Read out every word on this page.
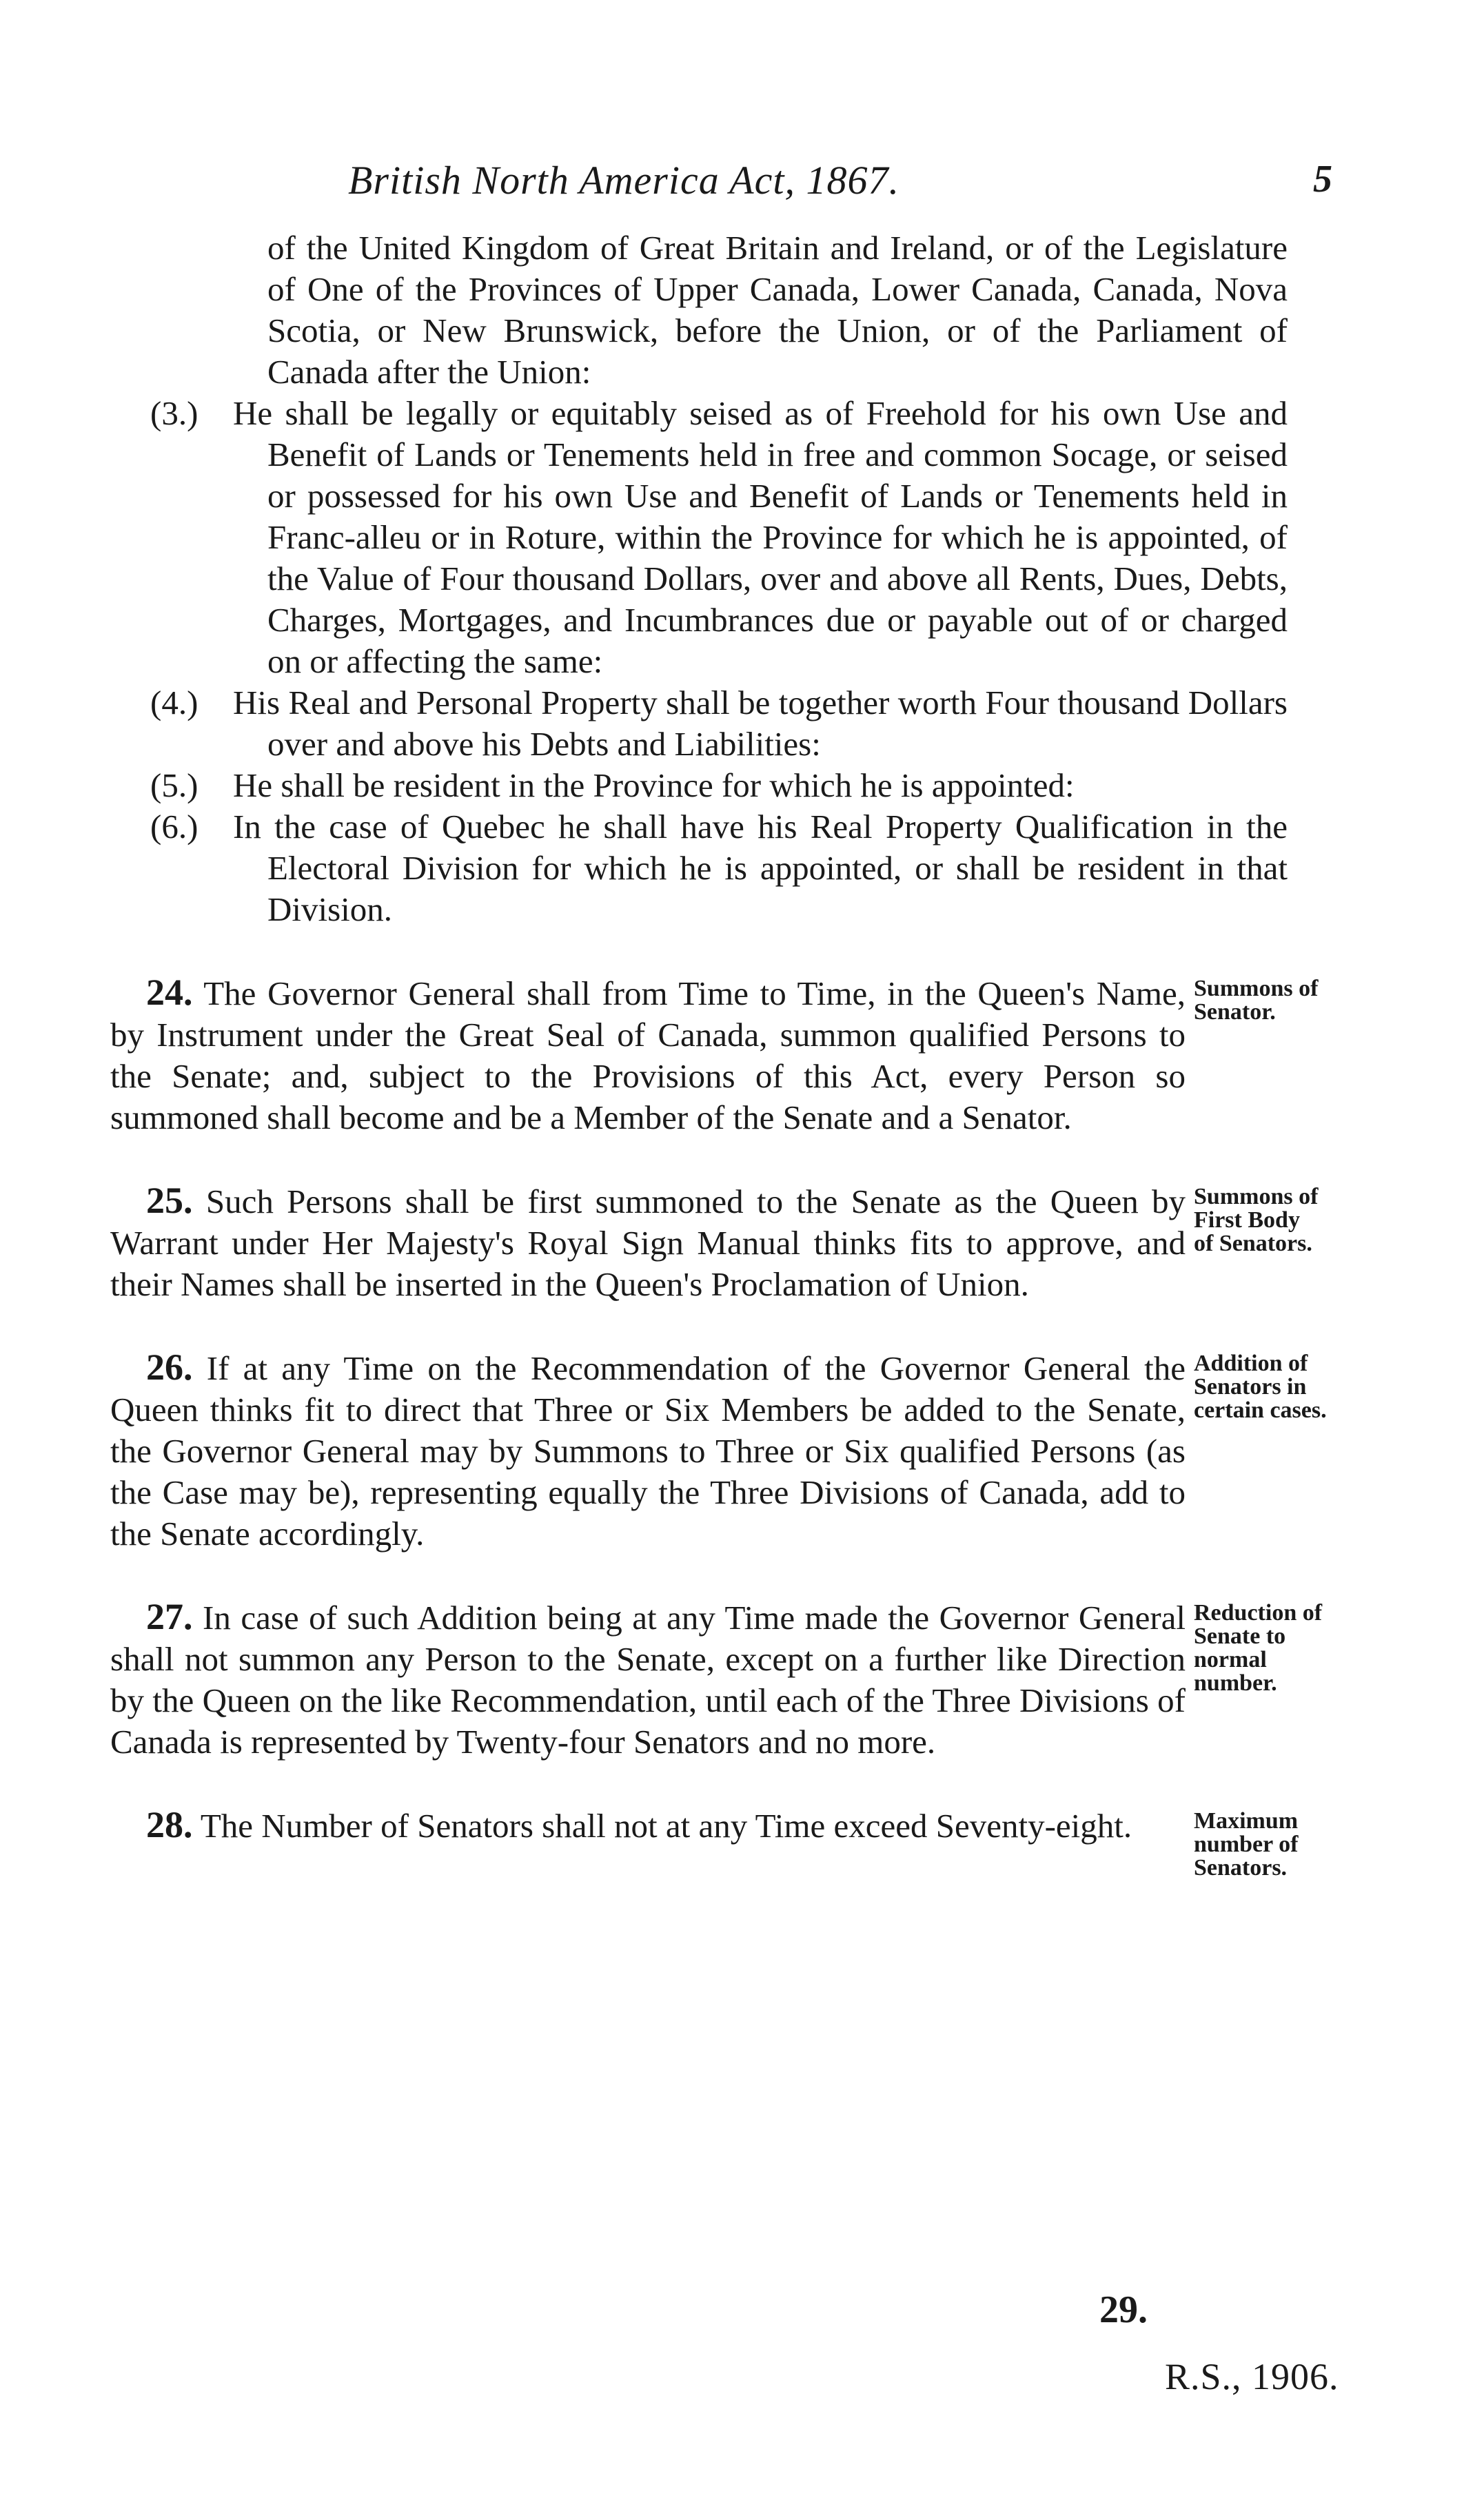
British North America Act, 1867.	5

of the United Kingdom of Great Britain and Ireland, or of the Legislature of One of the Provinces of Upper Canada, Lower Canada, Canada, Nova Scotia, or New Brunswick, before the Union, or of the Parliament of Canada after the Union:

(3.)	He shall be legally or equitably seised as of Freehold for his own Use and Benefit of Lands or Tenements held in free and common Socage, or seised or possessed for his own Use and Benefit of Lands or Tenements held in Franc-alleu or in Roture, within the Province for which he is appointed, of the Value of Four thousand Dollars, over and above all Rents, Dues, Debts, Charges, Mortgages, and Incumbrances due or payable out of or charged on or affecting the same:
(4.)	His Real and Personal Property shall be together worth Four thousand Dollars over and above his Debts and Liabilities:
(5.)	He shall be resident in the Province for which he is appointed:
(6.)	In the case of Quebec he shall have his Real Property Qualification in the Electoral Division for which he is appointed, or shall be resident in that Division.
24. The Governor General shall from Time to Time, in the Queen's Name, by Instrument under the Great Seal of Canada, summon qualified Persons to the Senate; and, subject to the Provisions of this Act, every Person so summoned shall become and be a Member of the Senate and a Senator.
Summons of
Senator.
25. Such Persons shall be first summoned to the Senate as the Queen by Warrant under Her Majesty's Royal Sign Manual thinks fits to approve, and their Names shall be inserted in the Queen's Proclamation of Union.
Summons of
First Body
of Senators.
26. If at any Time on the Recommendation of the Governor General the Queen thinks fit to direct that Three or Six Members be added to the Senate, the Governor General may by Summons to Three or Six qualified Persons (as the Case may be), representing equally the Three Divisions of Canada, add to the Senate accordingly.
Addition of
Senators in
certain cases.
27. In case of such Addition being at any Time made the Governor General shall not summon any Person to the Senate, except on a further like Direction by the Queen on the like Recommendation, until each of the Three Divisions of Canada is represented by Twenty-four Senators and no more.
Reduction of
Senate to
normal
number.
28. The Number of Senators shall not at any Time exceed Seventy-eight.	Maximum
number of
Senators.
29.
R.S., 1906.
